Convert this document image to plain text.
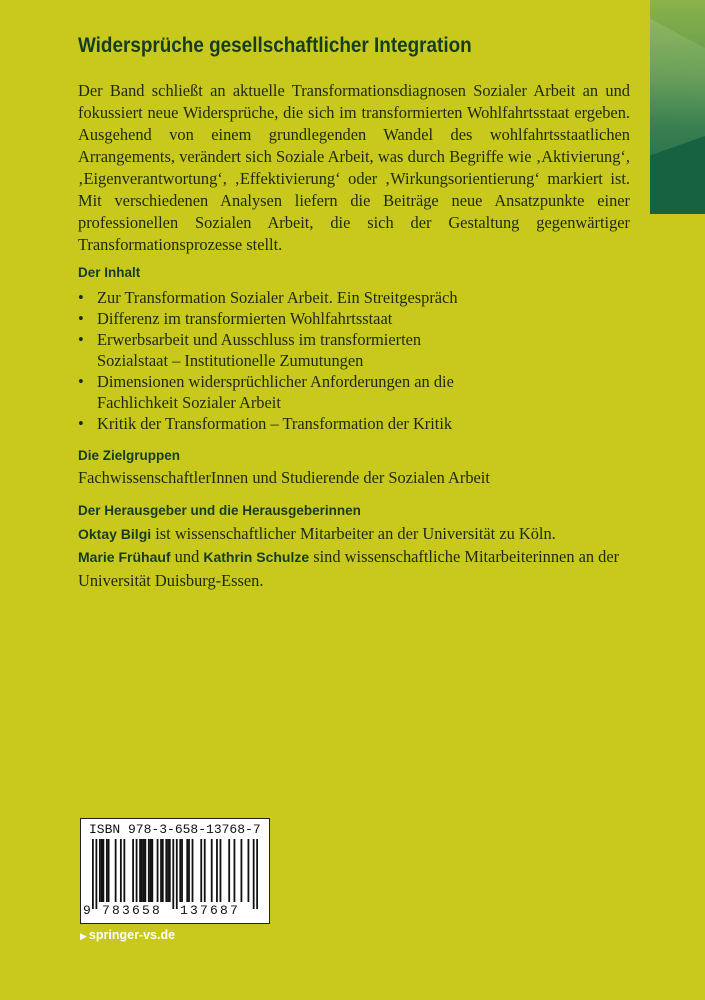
Widersprüche gesellschaftlicher Integration

Der Band schließt an aktuelle Transformationsdiagnosen Sozialer Arbeit an und fokussiert neue Widersprüche, die sich im transformierten Wohlfahrtsstaat ergeben. Ausgehend von einem grundlegenden Wandel des wohlfahrtsstaatlichen Arrangements, verändert sich Soziale Arbeit, was durch Begriffe wie ‚Aktivierung‘, ‚Eigenverantwortung‘, ‚Effektivierung‘ oder ‚Wirkungsorientierung‘ markiert ist. Mit verschiedenen Analysen liefern die Beiträge neue Ansatzpunkte einer professionellen Sozialen Arbeit, die sich der Gestaltung gegenwärtiger Transformationsprozesse stellt.

Der Inhalt
• Zur Transformation Sozialer Arbeit. Ein Streitgespräch
• Differenz im transformierten Wohlfahrtsstaat
• Erwerbsarbeit und Ausschluss im transformierten Sozialstaat – Institutionelle Zumutungen
• Dimensionen widersprüchlicher Anforderungen an die Fachlichkeit Sozialer Arbeit
• Kritik der Transformation – Transformation der Kritik
Die Zielgruppen

FachwissenschaftlerInnen und Studierende der Sozialen Arbeit

Der Herausgeber und die Herausgeberinnen

Oktay Bilgi ist wissenschaftlicher Mitarbeiter an der Universität zu Köln.

Marie Frühauf und Kathrin Schulze sind wissenschaftliche Mitarbeiterinnen an der Universität Duisburg-Essen.

ISBN 978-3-658-13768-7
9 783658 137687
▶ springer-vs.de
